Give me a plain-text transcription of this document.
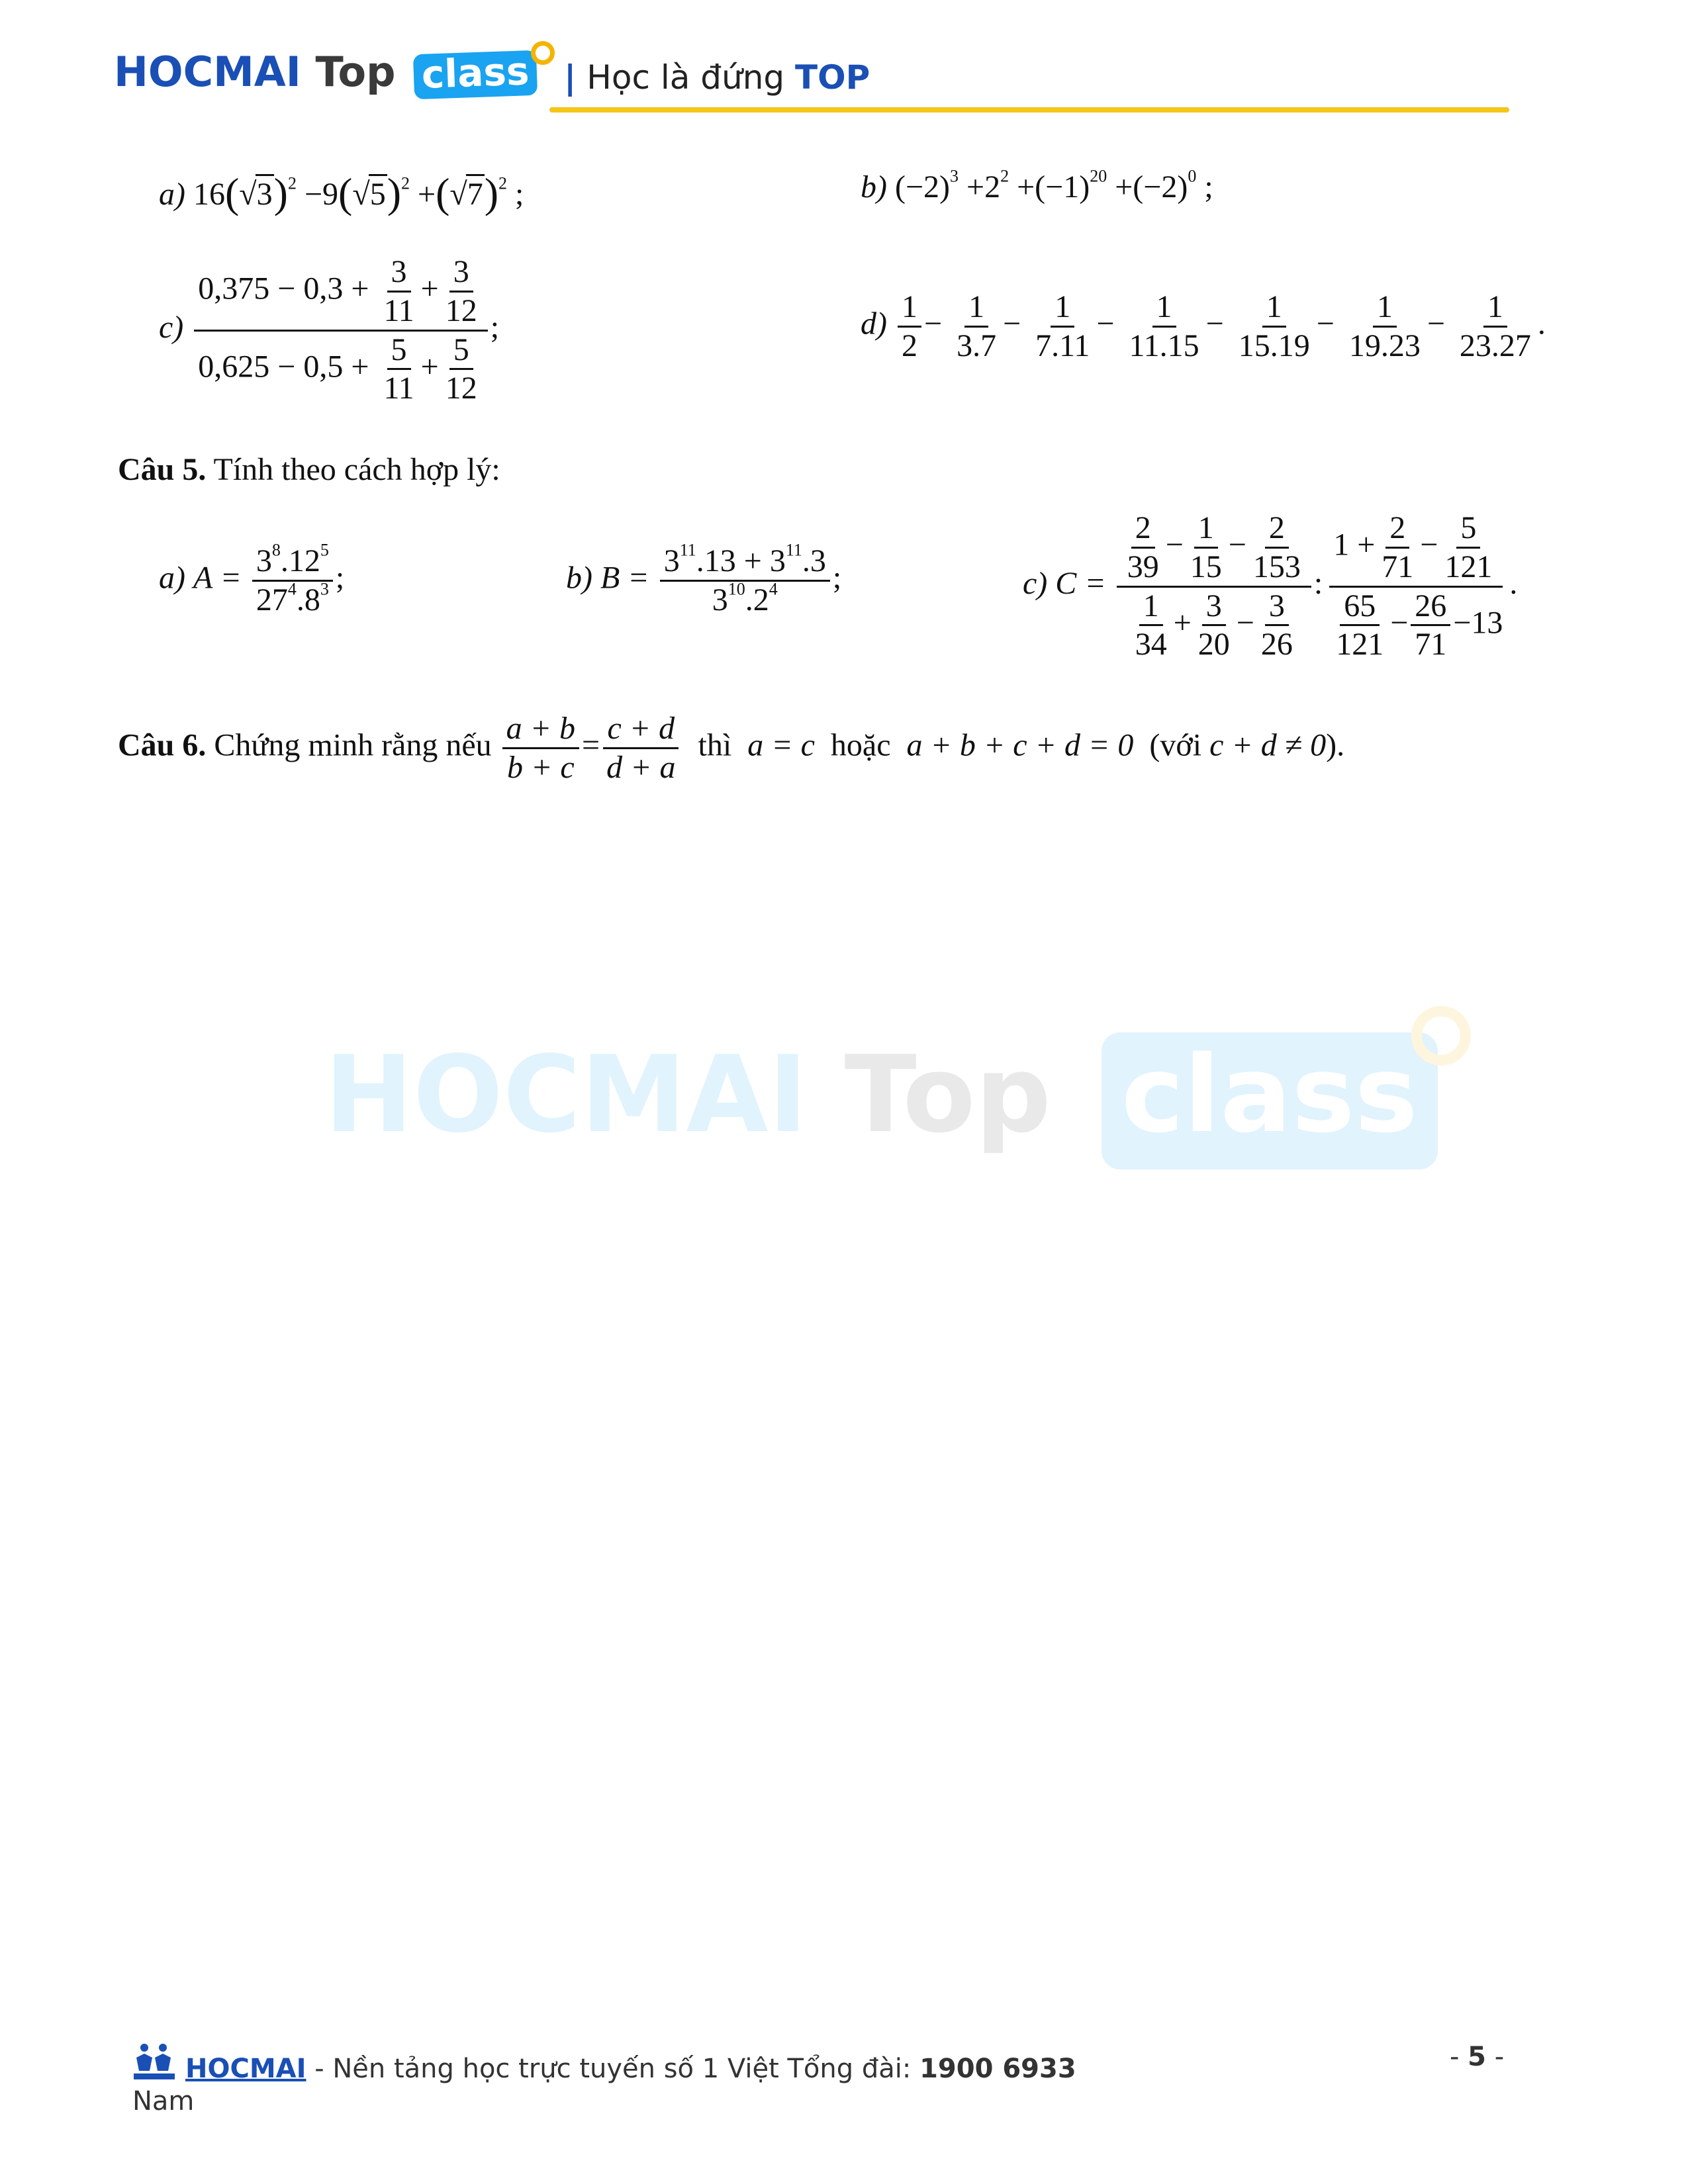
HOCMAI Top class | Học là đứng TOP
a) $16(√3)^2 -9(√5)^2 +(√7)^2$ ;	b) $(-2)^3 +2^2 +(-1)^{20} +(-2)^0$ ;
$c) \frac{0,375 - 0,3 + \frac{3}{11} + \frac{3}{12}}{0,625 - 0,5 + \frac{5}{11} + \frac{5}{12}}$ ;	$d) \frac{1}{2} - \frac{1}{3.7} - \frac{1}{7.11} - \frac{1}{11.15} - \frac{1}{15.19} - \frac{1}{19.23} - \frac{1}{23.27}$ .
Câu 5. Tính theo cách hợp lý:
a) $A = \frac{3^8.12^5}{27^4.8^3}$ ;	b) $B = \frac{3^{11}.13 + 3^{11}.3}{3^{10}.2^4}$ ;	c) $C = \frac{\frac{2}{39} - \frac{1}{15} - \frac{2}{153}}{\frac{1}{34} + \frac{3}{20} - \frac{3}{26}}$ : $\frac{1 + \frac{2}{71} - \frac{5}{121}}{\frac{65}{121} - \frac{26}{71} -13}$ .
Câu 6. Chứng minh rằng nếu $\frac{a + b}{b + c} = \frac{c + d}{d + a}$ thì a = c hoặc a + b + c + d = 0 (với c + d ≠ 0).
HOCMAI Top class
HOCMAI - Nền tảng học trực tuyến số 1 Việt Tổng đài: 1900 6933
Nam
- 5 -
